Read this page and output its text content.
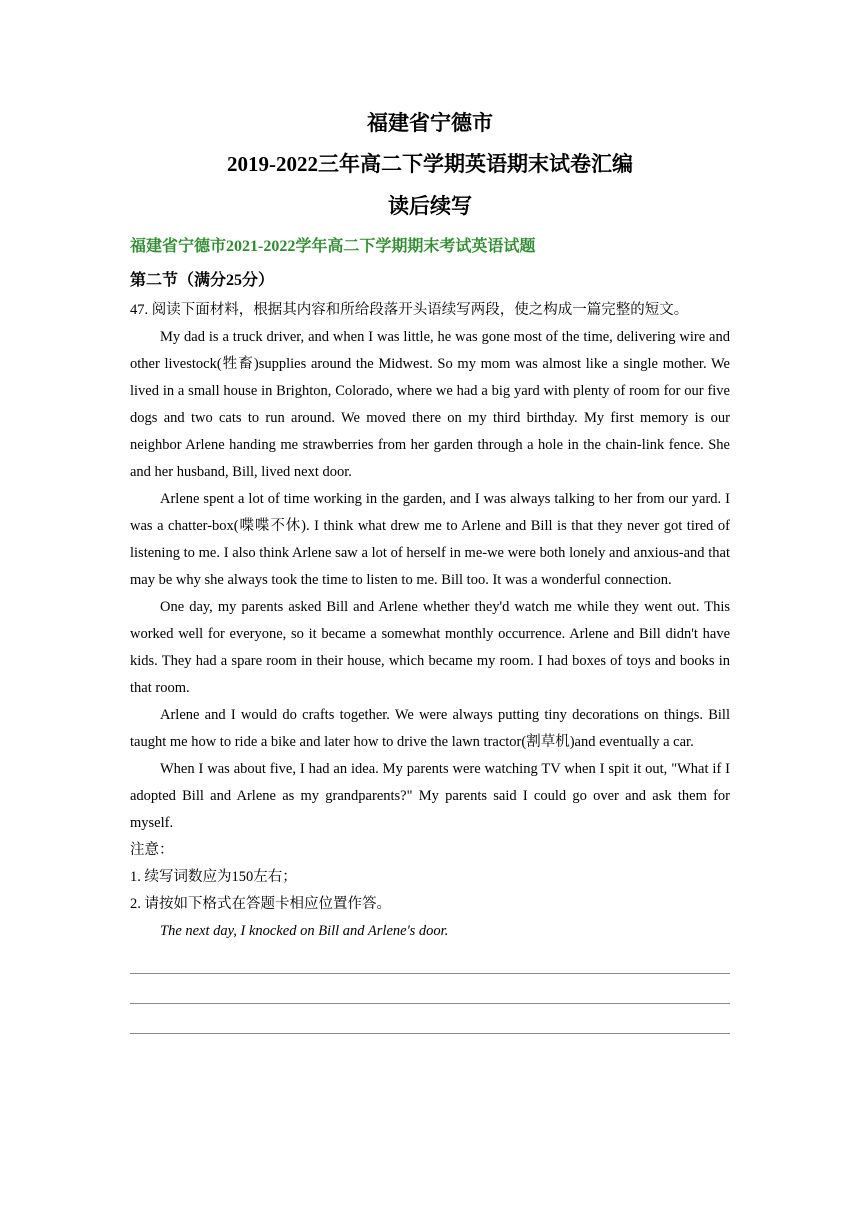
福建省宁德市
2019-2022三年高二下学期英语期末试卷汇编
读后续写

福建省宁德市2021-2022学年高二下学期期末考试英语试题

第二节（满分25分）

47. 阅读下面材料，根据其内容和所给段落开头语续写两段，使之构成一篇完整的短文。

My dad is a truck driver, and when I was little, he was gone most of the time, delivering wire and other livestock(牲畜)supplies around the Midwest. So my mom was almost like a single mother. We lived in a small house in Brighton, Colorado, where we had a big yard with plenty of room for our five dogs and two cats to run around. We moved there on my third birthday. My first memory is our neighbor Arlene handing me strawberries from her garden through a hole in the chain-link fence. She and her husband, Bill, lived next door.

Arlene spent a lot of time working in the garden, and I was always talking to her from our yard. I was a chatter-box(喋喋不休). I think what drew me to Arlene and Bill is that they never got tired of listening to me. I also think Arlene saw a lot of herself in me-we were both lonely and anxious-and that may be why she always took the time to listen to me. Bill too. It was a wonderful connection.

One day, my parents asked Bill and Arlene whether they'd watch me while they went out. This worked well for everyone, so it became a somewhat monthly occurrence. Arlene and Bill didn't have kids. They had a spare room in their house, which became my room. I had boxes of toys and books in that room.

Arlene and I would do crafts together. We were always putting tiny decorations on things. Bill taught me how to ride a bike and later how to drive the lawn tractor(割草机)and eventually a car.

When I was about five, I had an idea. My parents were watching TV when I spit it out, "What if I adopted Bill and Arlene as my grandparents?" My parents said I could go over and ask them for myself.

注意：

1. 续写词数应为150左右；

2. 请按如下格式在答题卡相应位置作答。

The next day, I knocked on Bill and Arlene's door.
